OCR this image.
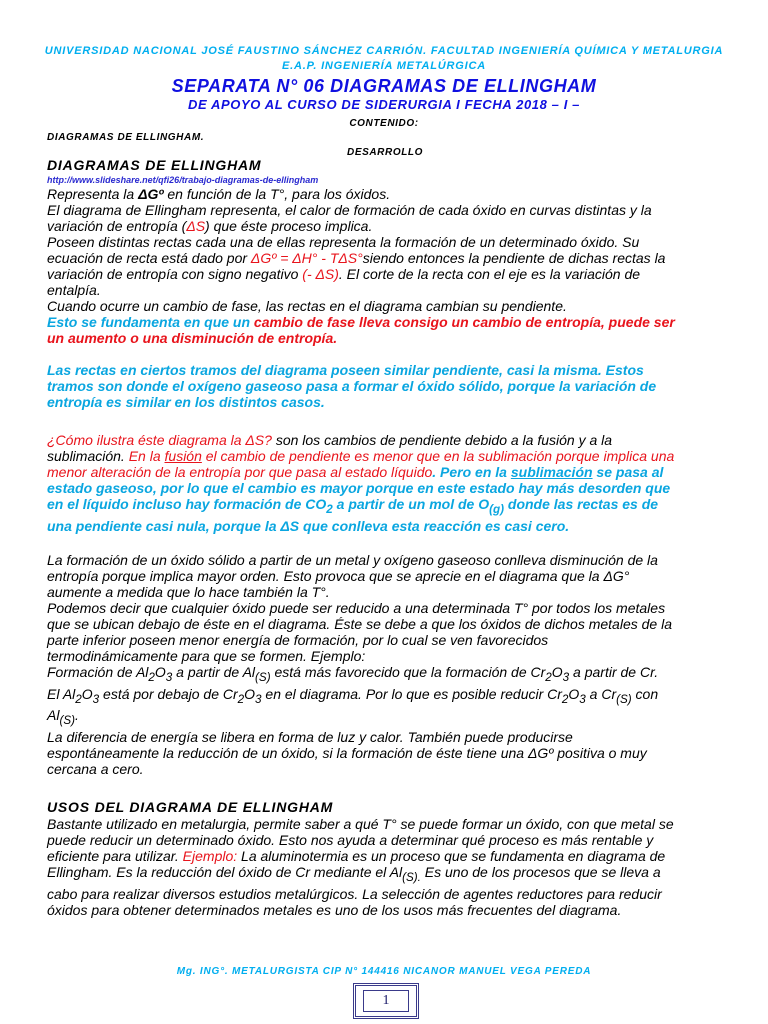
UNIVERSIDAD NACIONAL JOSÉ FAUSTINO SÁNCHEZ CARRIÓN. FACULTAD INGENIERÍA QUÍMICA Y METALURGIA
E.A.P. INGENIERÍA METALÚRGICA
SEPARATA N° 06 DIAGRAMAS DE ELLINGHAM
DE APOYO AL CURSO DE SIDERURGIA I FECHA 2018 – I –
CONTENIDO:
DIAGRAMAS DE ELLINGHAM.
DESARROLLO
DIAGRAMAS DE ELLINGHAM
http://www.slideshare.net/qfi26/trabajo-diagramas-de-ellingham

Representa la ΔGº en función de la T°, para los óxidos.

El diagrama de Ellingham representa, el calor de formación de cada óxido en curvas distintas y la
variación de entropía (ΔS) que éste proceso implica.

Poseen distintas rectas cada una de ellas representa la formación de un determinado óxido. Su
ecuación de recta está dado por ΔGº = ΔH° - TΔS°siendo entonces la pendiente de dichas rectas la
variación de entropía con signo negativo (- ΔS). El corte de la recta con el eje es la variación de
entalpía.

Cuando ocurre un cambio de fase, las rectas en el diagrama cambian su pendiente.

Esto se fundamenta en que un cambio de fase lleva consigo un cambio de entropía, puede ser
un aumento o una disminución de entropía.

Las rectas en ciertos tramos del diagrama poseen similar pendiente, casi la misma. Estos
tramos son donde el oxígeno gaseoso pasa a formar el óxido sólido, porque la variación de
entropía es similar en los distintos casos.

¿Cómo ilustra éste diagrama la ΔS? son los cambios de pendiente debido a la fusión y a la
sublimación. En la fusión el cambio de pendiente es menor que en la sublimación porque implica una
menor alteración de la entropía por que pasa al estado líquido. Pero en la sublimación se pasa al
estado gaseoso, por lo que el cambio es mayor porque en este estado hay más desorden que
en el líquido incluso hay formación de $CO_2$ a partir de un mol de $O_{(g)}$ donde las rectas es de
una pendiente casi nula, porque la ΔS que conlleva esta reacción es casi cero.

La formación de un óxido sólido a partir de un metal y oxígeno gaseoso conlleva disminución de la
entropía porque implica mayor orden. Esto provoca que se aprecie en el diagrama que la ΔG°
aumente a medida que lo hace también la T°.

Podemos decir que cualquier óxido puede ser reducido a una determinada T° por todos los metales
que se ubican debajo de éste en el diagrama. Éste se debe a que los óxidos de dichos metales de la
parte inferior poseen menor energía de formación, por lo cual se ven favorecidos
termodinámicamente para que se formen. Ejemplo:

Formación de $Al_2O_3$ a partir de $Al_{(S)}$ está más favorecido que la formación de $Cr_2O_3$ a partir de Cr.

El $Al_2O_3$ está por debajo de $Cr_2O_3$ en el diagrama. Por lo que es posible reducir $Cr_2O_3$ a $Cr_{(S)}$ con
$Al_{(S)}$.

La diferencia de energía se libera en forma de luz y calor. También puede producirse
espontáneamente la reducción de un óxido, si la formación de éste tiene una ΔGº positiva o muy
cercana a cero.

USOS DEL DIAGRAMA DE ELLINGHAM

Bastante utilizado en metalurgia, permite saber a qué T° se puede formar un óxido, con que metal se
puede reducir un determinado óxido. Esto nos ayuda a determinar qué proceso es más rentable y
eficiente para utilizar. Ejemplo: La aluminotermia es un proceso que se fundamenta en diagrama de
Ellingham. Es la reducción del óxido de Cr mediante el $Al_{(S).}$ Es uno de los procesos que se lleva a
cabo para realizar diversos estudios metalúrgicos. La selección de agentes reductores para reducir
óxidos para obtener determinados metales es uno de los usos más frecuentes del diagrama.

Mg. ING°. METALURGISTA CIP N° 144416 NICANOR MANUEL VEGA PEREDA
1
